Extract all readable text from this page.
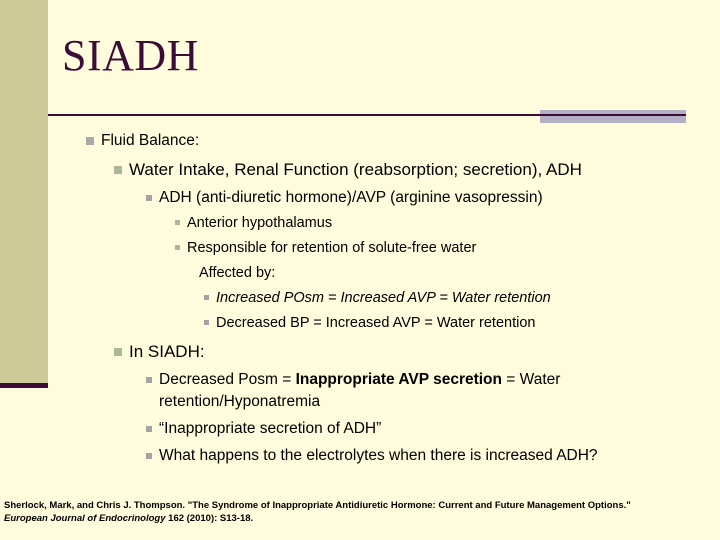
SIADH
Fluid Balance:
Water Intake, Renal Function (reabsorption; secretion), ADH
ADH (anti-diuretic hormone)/AVP (arginine vasopressin)
Anterior hypothalamus
Responsible for retention of solute-free water
Affected by:
Increased POsm = Increased AVP = Water retention
Decreased BP = Increased AVP = Water retention
In SIADH:
Decreased Posm = Inappropriate AVP secretion = Water retention/Hyponatremia
“Inappropriate secretion of ADH”
What happens to the electrolytes when there is increased ADH?
Sherlock, Mark, and Chris J. Thompson. "The Syndrome of Inappropriate Antidiuretic Hormone: Current and Future Management Options."
European Journal of Endocrinology 162 (2010): S13-18.
